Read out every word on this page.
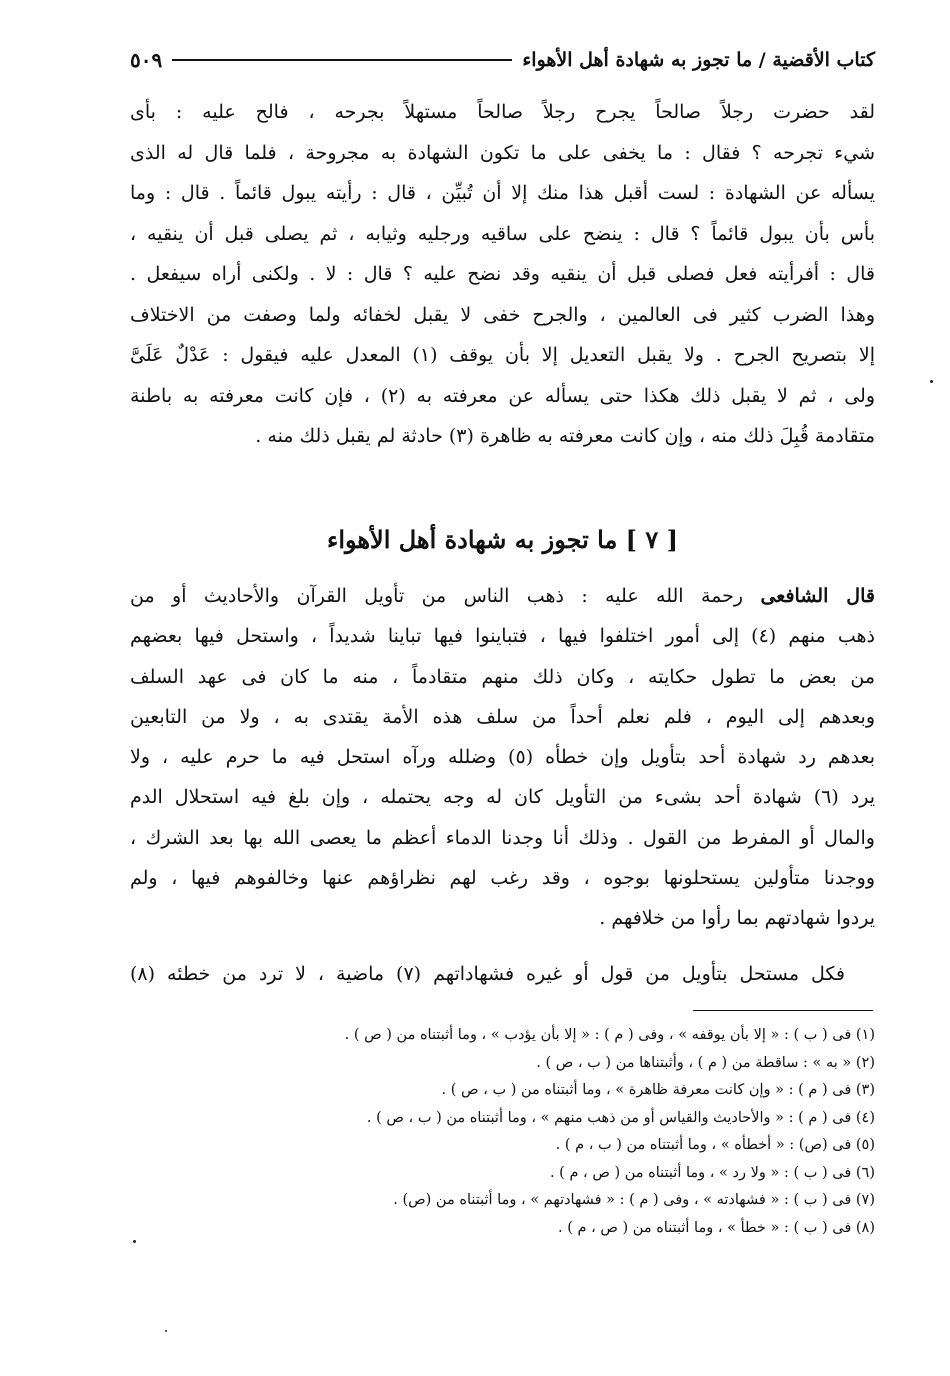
كتاب الأقضية / ما تجوز به شهادة أهل الأهواء
٥٠٩
لقد حضرت رجلاً صالحاً يجرح رجلاً صالحاً مستهلاً بجرحه ، فالح عليه : بأى
شيء تجرحه ؟ فقال : ما يخفى على ما تكون الشهادة به مجروحة ، فلما قال له الذى
يسأله عن الشهادة : لست أقبل هذا منك إلا أن تُبيِّن ، قال : رأيته يبول قائماً . قال : وما
بأس بأن يبول قائماً ؟ قال : ينضح على ساقيه ورجليه وثيابه ، ثم يصلى قبل أن ينقيه ،
قال : أفرأيته فعل فصلى قبل أن ينقيه وقد نضح عليه ؟ قال : لا . ولكنى أراه سيفعل .
وهذا الضرب كثير فى العالمين ، والجرح خفى لا يقبل لخفائه ولما وصفت من الاختلاف
إلا بتصريح الجرح . ولا يقبل التعديل إلا بأن يوقف (١) المعدل عليه فيقول : عَدْلٌ عَلَىَّ
ولى ، ثم لا يقبل ذلك هكذا حتى يسأله عن معرفته به (٢) ، فإن كانت معرفته به باطنة
متقادمة قُبِلَ ذلك منه ، وإن كانت معرفته به ظاهرة (٣) حادثة لم يقبل ذلك منه .
[ ٧ ] ما تجوز به شهادة أهل الأهواء
قال الشافعى رحمة الله عليه : ذهب الناس من تأويل القرآن والأحاديث أو من
ذهب منهم (٤) إلى أمور اختلفوا فيها ، فتباينوا فيها تباينا شديداً ، واستحل فيها بعضهم
من بعض ما تطول حكايته ، وكان ذلك منهم متقادماً ، منه ما كان فى عهد السلف
وبعدهم إلى اليوم ، فلم نعلم أحداً من سلف هذه الأمة يقتدى به ، ولا من التابعين
بعدهم رد شهادة أحد بتأويل وإن خطأه (٥) وضلله ورآه استحل فيه ما حرم عليه ، ولا
يرد (٦) شهادة أحد بشىء من التأويل كان له وجه يحتمله ، وإن بلغ فيه استحلال الدم
والمال أو المفرط من القول . وذلك أنا وجدنا الدماء أعظم ما يعصى الله بها بعد الشرك ،
ووجدنا متأولين يستحلونها بوجوه ، وقد رغب لهم نظراؤهم عنها وخالفوهم فيها ، ولم
يردوا شهادتهم بما رأوا من خلافهم .
فكل مستحل بتأويل من قول أو غيره فشهاداتهم (٧) ماضية ، لا ترد من خطئه (٨)
(١) فى ( ب ) : « إلا بأن يوقفه » ، وفى ( م ) : « إلا بأن يؤدب » ، وما أثبتناه من ( ص ) .
(٢) « به » : ساقطة من ( م ) ، وأثبتناها من ( ب ، ص ) .
(٣) فى ( م ) : « وإن كانت معرفة ظاهرة » ، وما أثبتناه من ( ب ، ص ) .
(٤) فى ( م ) : « والأحاديث والقياس أو من ذهب منهم » ، وما أثبتناه من ( ب ، ص ) .
(٥) فى (ص) : « أخطأه » ، وما أثبتناه من ( ب ، م ) .
(٦) فى ( ب ) : « ولا رد » ، وما أثبتناه من ( ص ، م ) .
(٧) فى ( ب ) : « فشهادته » ، وفى ( م ) : « فشهادتهم » ، وما أثبتناه من (ص) .
(٨) فى ( ب ) : « خطأ » ، وما أثبتناه من ( ص ، م ) .
